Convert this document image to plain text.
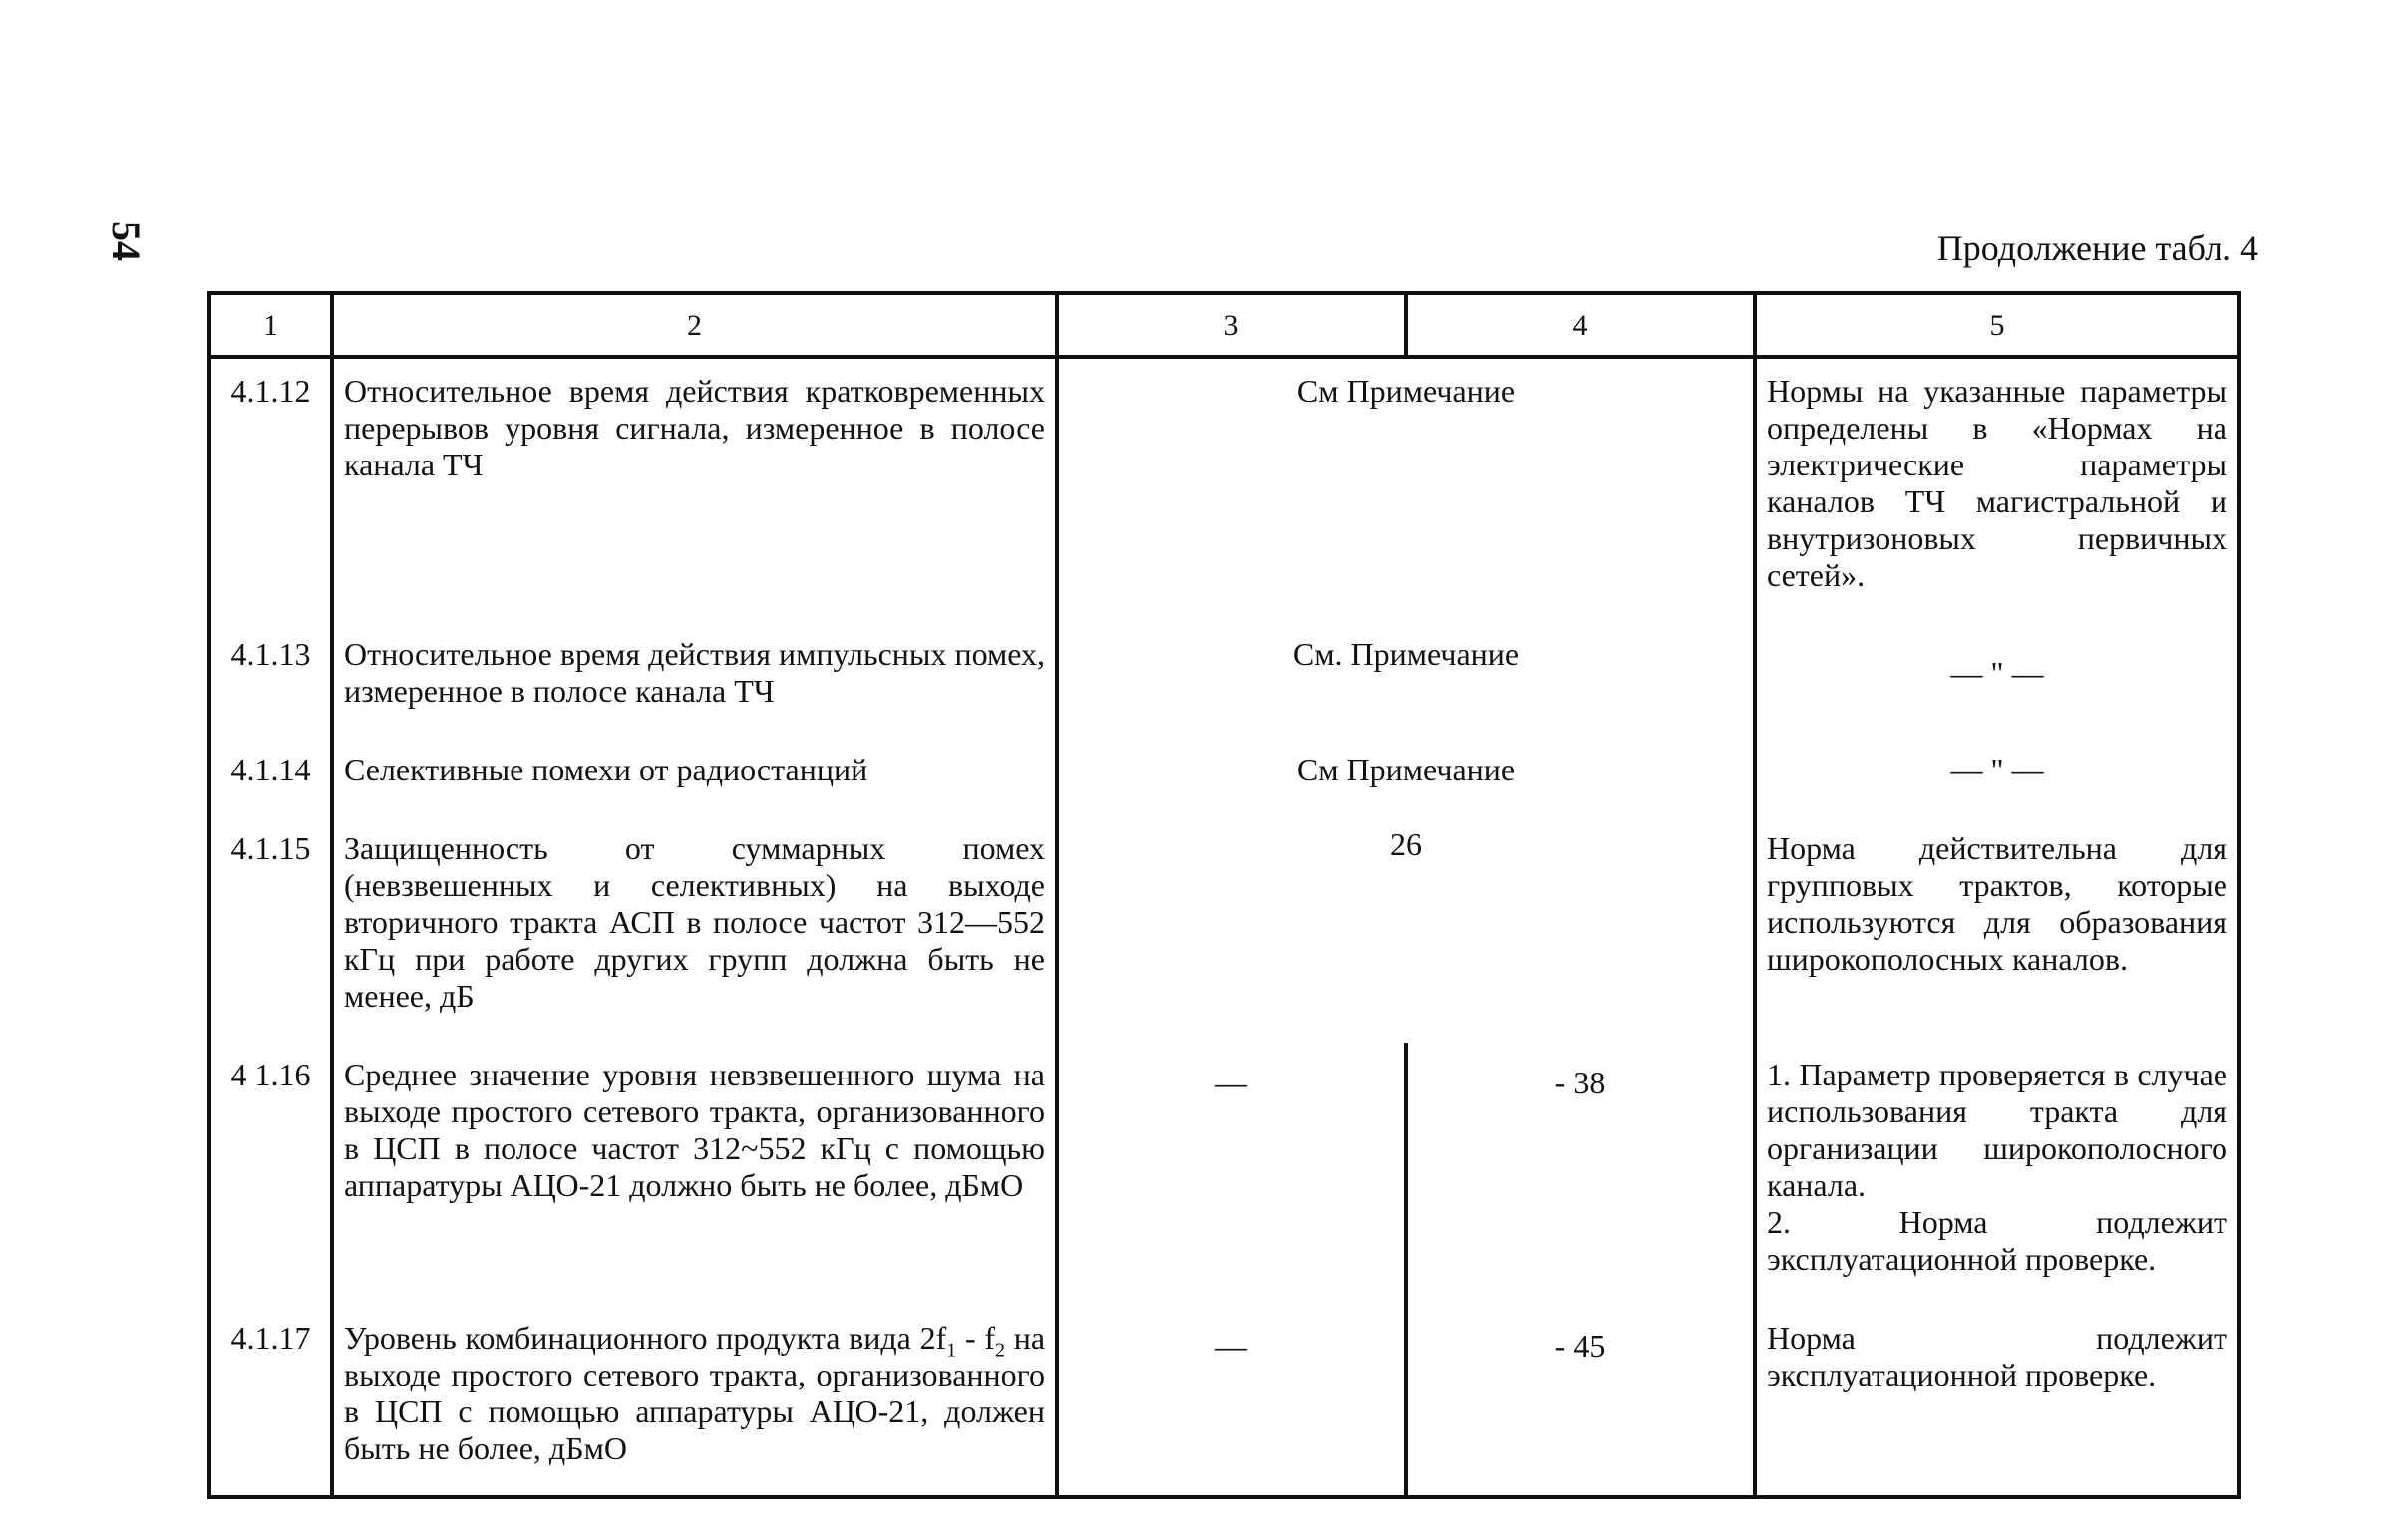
54	Продолжение табл. 4
1	2	3	4	5
4.1.12	Относительное время действия кратковременных перерывов уровня сигнала, измеренное в полосе канала ТЧ	См Примечание		Нормы на указанные параметры определены в «Нормах на электрические параметры каналов ТЧ магистральной и внутризоновых первичных сетей».
4.1.13	Относительное время действия импульсных помех, измеренное в полосе канала ТЧ	См. Примечание		— " —
4.1.14	Селективные помехи от радиостанций	См Примечание		— " —
4.1.15	Защищенность от суммарных помех (невзвешенных и селективных) на выходе вторичного тракта АСП в полосе частот 312—552 кГц при работе других групп должна быть не менее, дБ	26		Норма действительна для групповых трактов, которые используются для образования широкополосных каналов.
4 1.16	Среднее значение уровня невзвешенного шума на выходе простого сетевого тракта, организованного в ЦСП в полосе частот 312~552 кГц с помощью аппаратуры АЦО-21 должно быть не более, дБмО	—	- 38	1. Параметр проверяется в случае использования тракта для организации широкополосного канала.
2. Норма подлежит эксплуатационной проверке.

4.1.17	Уровень комбинационного продукта вида $2f_1 - f_2$ на выходе простого сетевого тракта, организованного в ЦСП с помощью аппаратуры АЦО-21, должен быть не более, дБмО	—	- 45	Норма подлежит эксплуатационной проверке.
